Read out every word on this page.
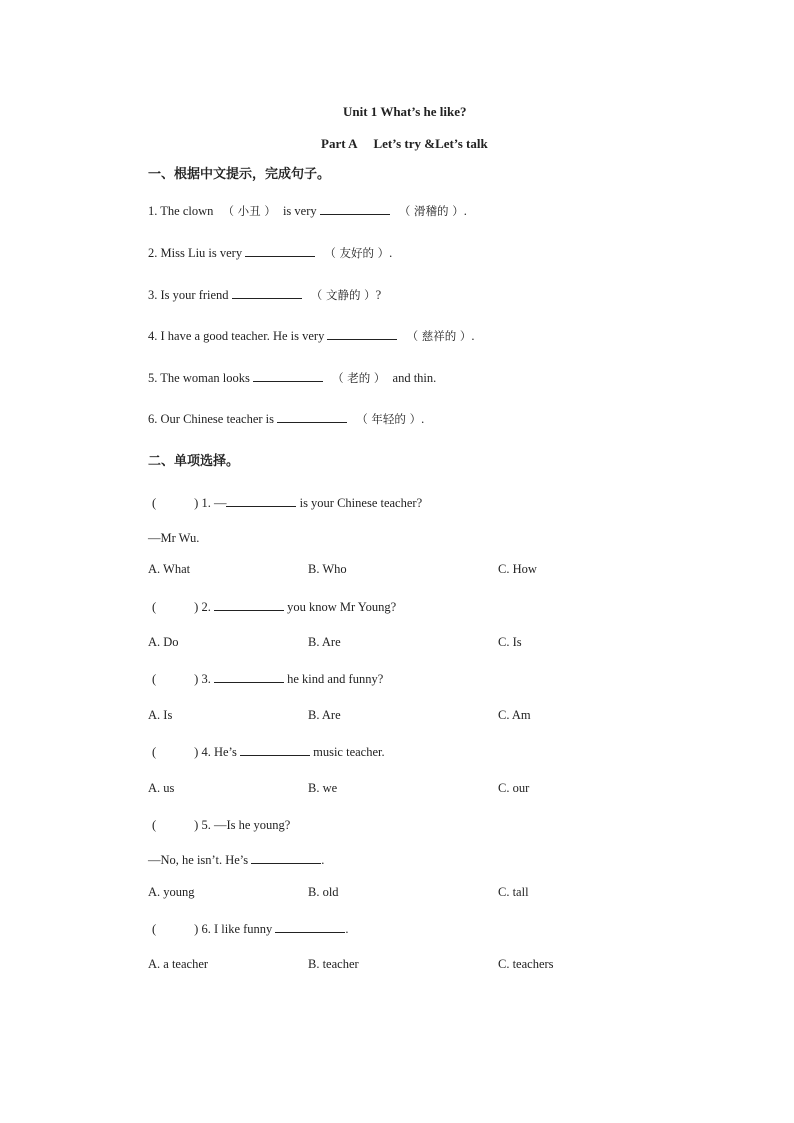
Unit 1 What’s he like?
Part A Let’s try &Let’s talk
一、根据中文提示，完成句子。
1. The clown （ 小丑 ） is very	（ 滑稽的 ）.
2. Miss Liu is very	（ 友好的 ）.
3. Is your friend	（ 文静的 ）?
4. I have a good teacher. He is very	（ 慈祥的 ）.
5. The woman looks	（ 老的 ） and thin.
6. Our Chinese teacher is	（ 年轻的 ）.
二、单项选择。
(	) 1. —	is your Chinese teacher?
—Mr Wu.
A. What	B. Who	C. How
(	) 2.	you know Mr Young?
A. Do	B. Are	C. Is
(	) 3.	he kind and funny?
A. Is	B. Are	C. Am
(	) 4. He’s	music teacher.
A. us	B. we	C. our
(	) 5. —Is he young?
—No, he isn’t. He’s	.
A. young	B. old	C. tall
(	) 6. I like funny	.
A. a teacher	B. teacher	C. teachers
